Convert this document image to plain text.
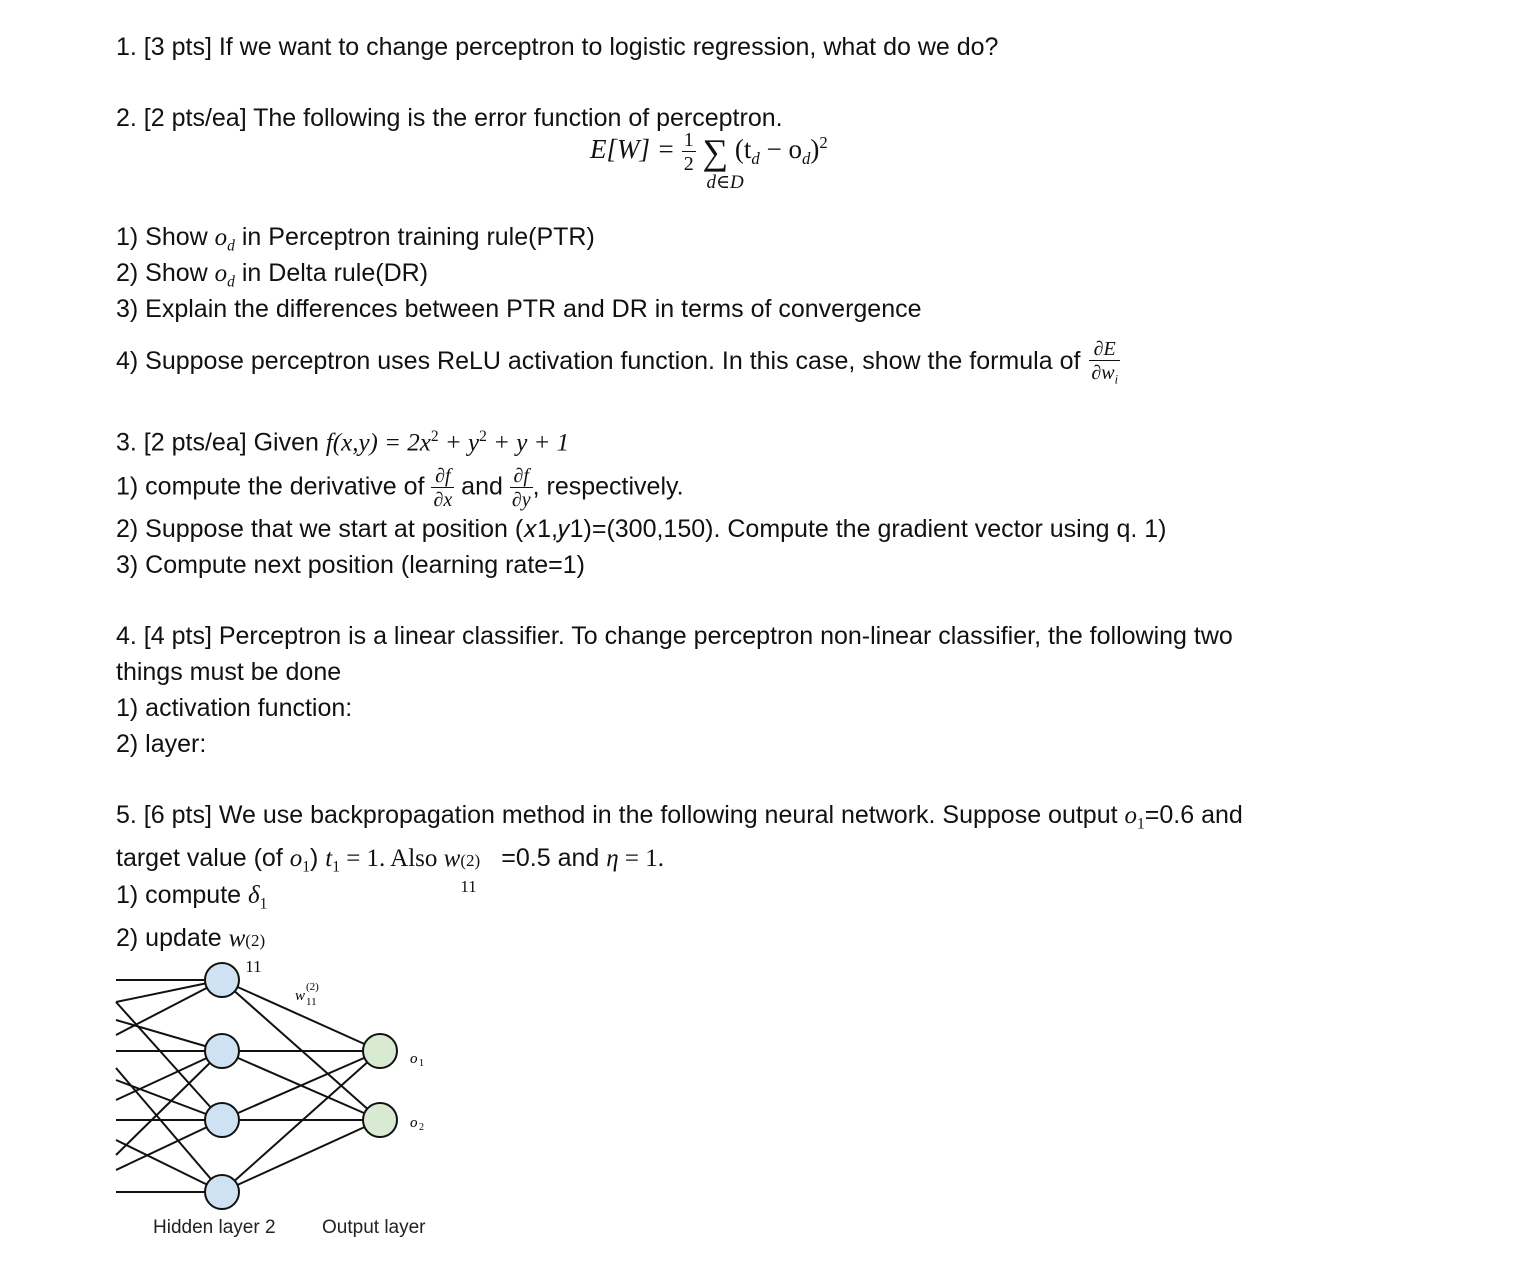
1. [3 pts] If we want to change perceptron to logistic regression, what do we do?
2. [2 pts/ea] The following is the error function of perceptron.
$E[W] = \frac{1}{2}$ ∑
d∈D
$(t_d - o_d)^2$
1) Show $o_d$ in Perceptron training rule(PTR)
2) Show $o_d$ in Delta rule(DR)
3) Explain the differences between PTR and DR in terms of convergence
4) Suppose perceptron uses ReLU activation function. In this case, show the formula of $\frac{\partial E}{\partial w_i}$
3. [2 pts/ea] Given $f(x,y) = 2x^2 + y^2 + y + 1$
1) compute the derivative of $\frac{\partial f}{\partial x}$ and $\frac{\partial f}{\partial y}$ , respectively.
2) Suppose that we start at position (𝑥1,𝑦1)=(300,150). Compute the gradient vector using q. 1)
3) Compute next position (learning rate=1)
4. [4 pts] Perceptron is a linear classifier. To change perceptron non-linear classifier, the following two
things must be done
1) activation function:
2) layer:
5. [6 pts] We use backpropagation method in the following neural network. Suppose output $o_1=0.6$ and
target value (of $o_1$) $t_1 = 1$. Also w (2)
11
=0.5 and η = 1.
1) compute $\delta_1$
2) update w (2)
11
w
(2)
11
o 1
o 2
Hidden layer 2 Output layer
